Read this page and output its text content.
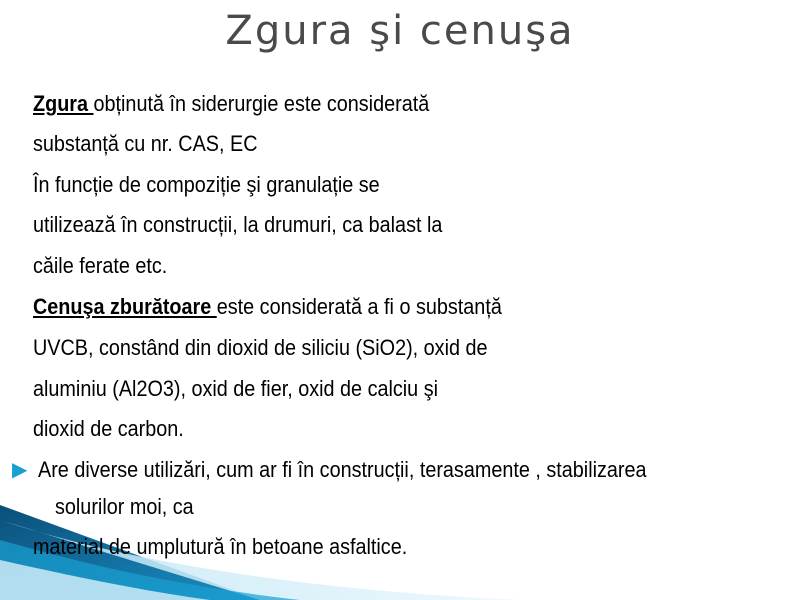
Zgura şi cenuşa
Zgura obținută în siderurgie este considerată
substanță cu nr. CAS, EC
În funcție de compoziție şi granulație se
utilizează în construcții, la drumuri, ca balast la
căile ferate etc.
Cenuşa zburătoare este considerată a fi o substanță
UVCB, constând din dioxid de siliciu (SiO2), oxid de
aluminiu (Al2O3), oxid de fier, oxid de calciu şi
dioxid de carbon.
▶ Are diverse utilizări, cum ar fi în construcții, terasamente , stabilizarea
solurilor moi, ca
material de umplutură în betoane asfaltice.
